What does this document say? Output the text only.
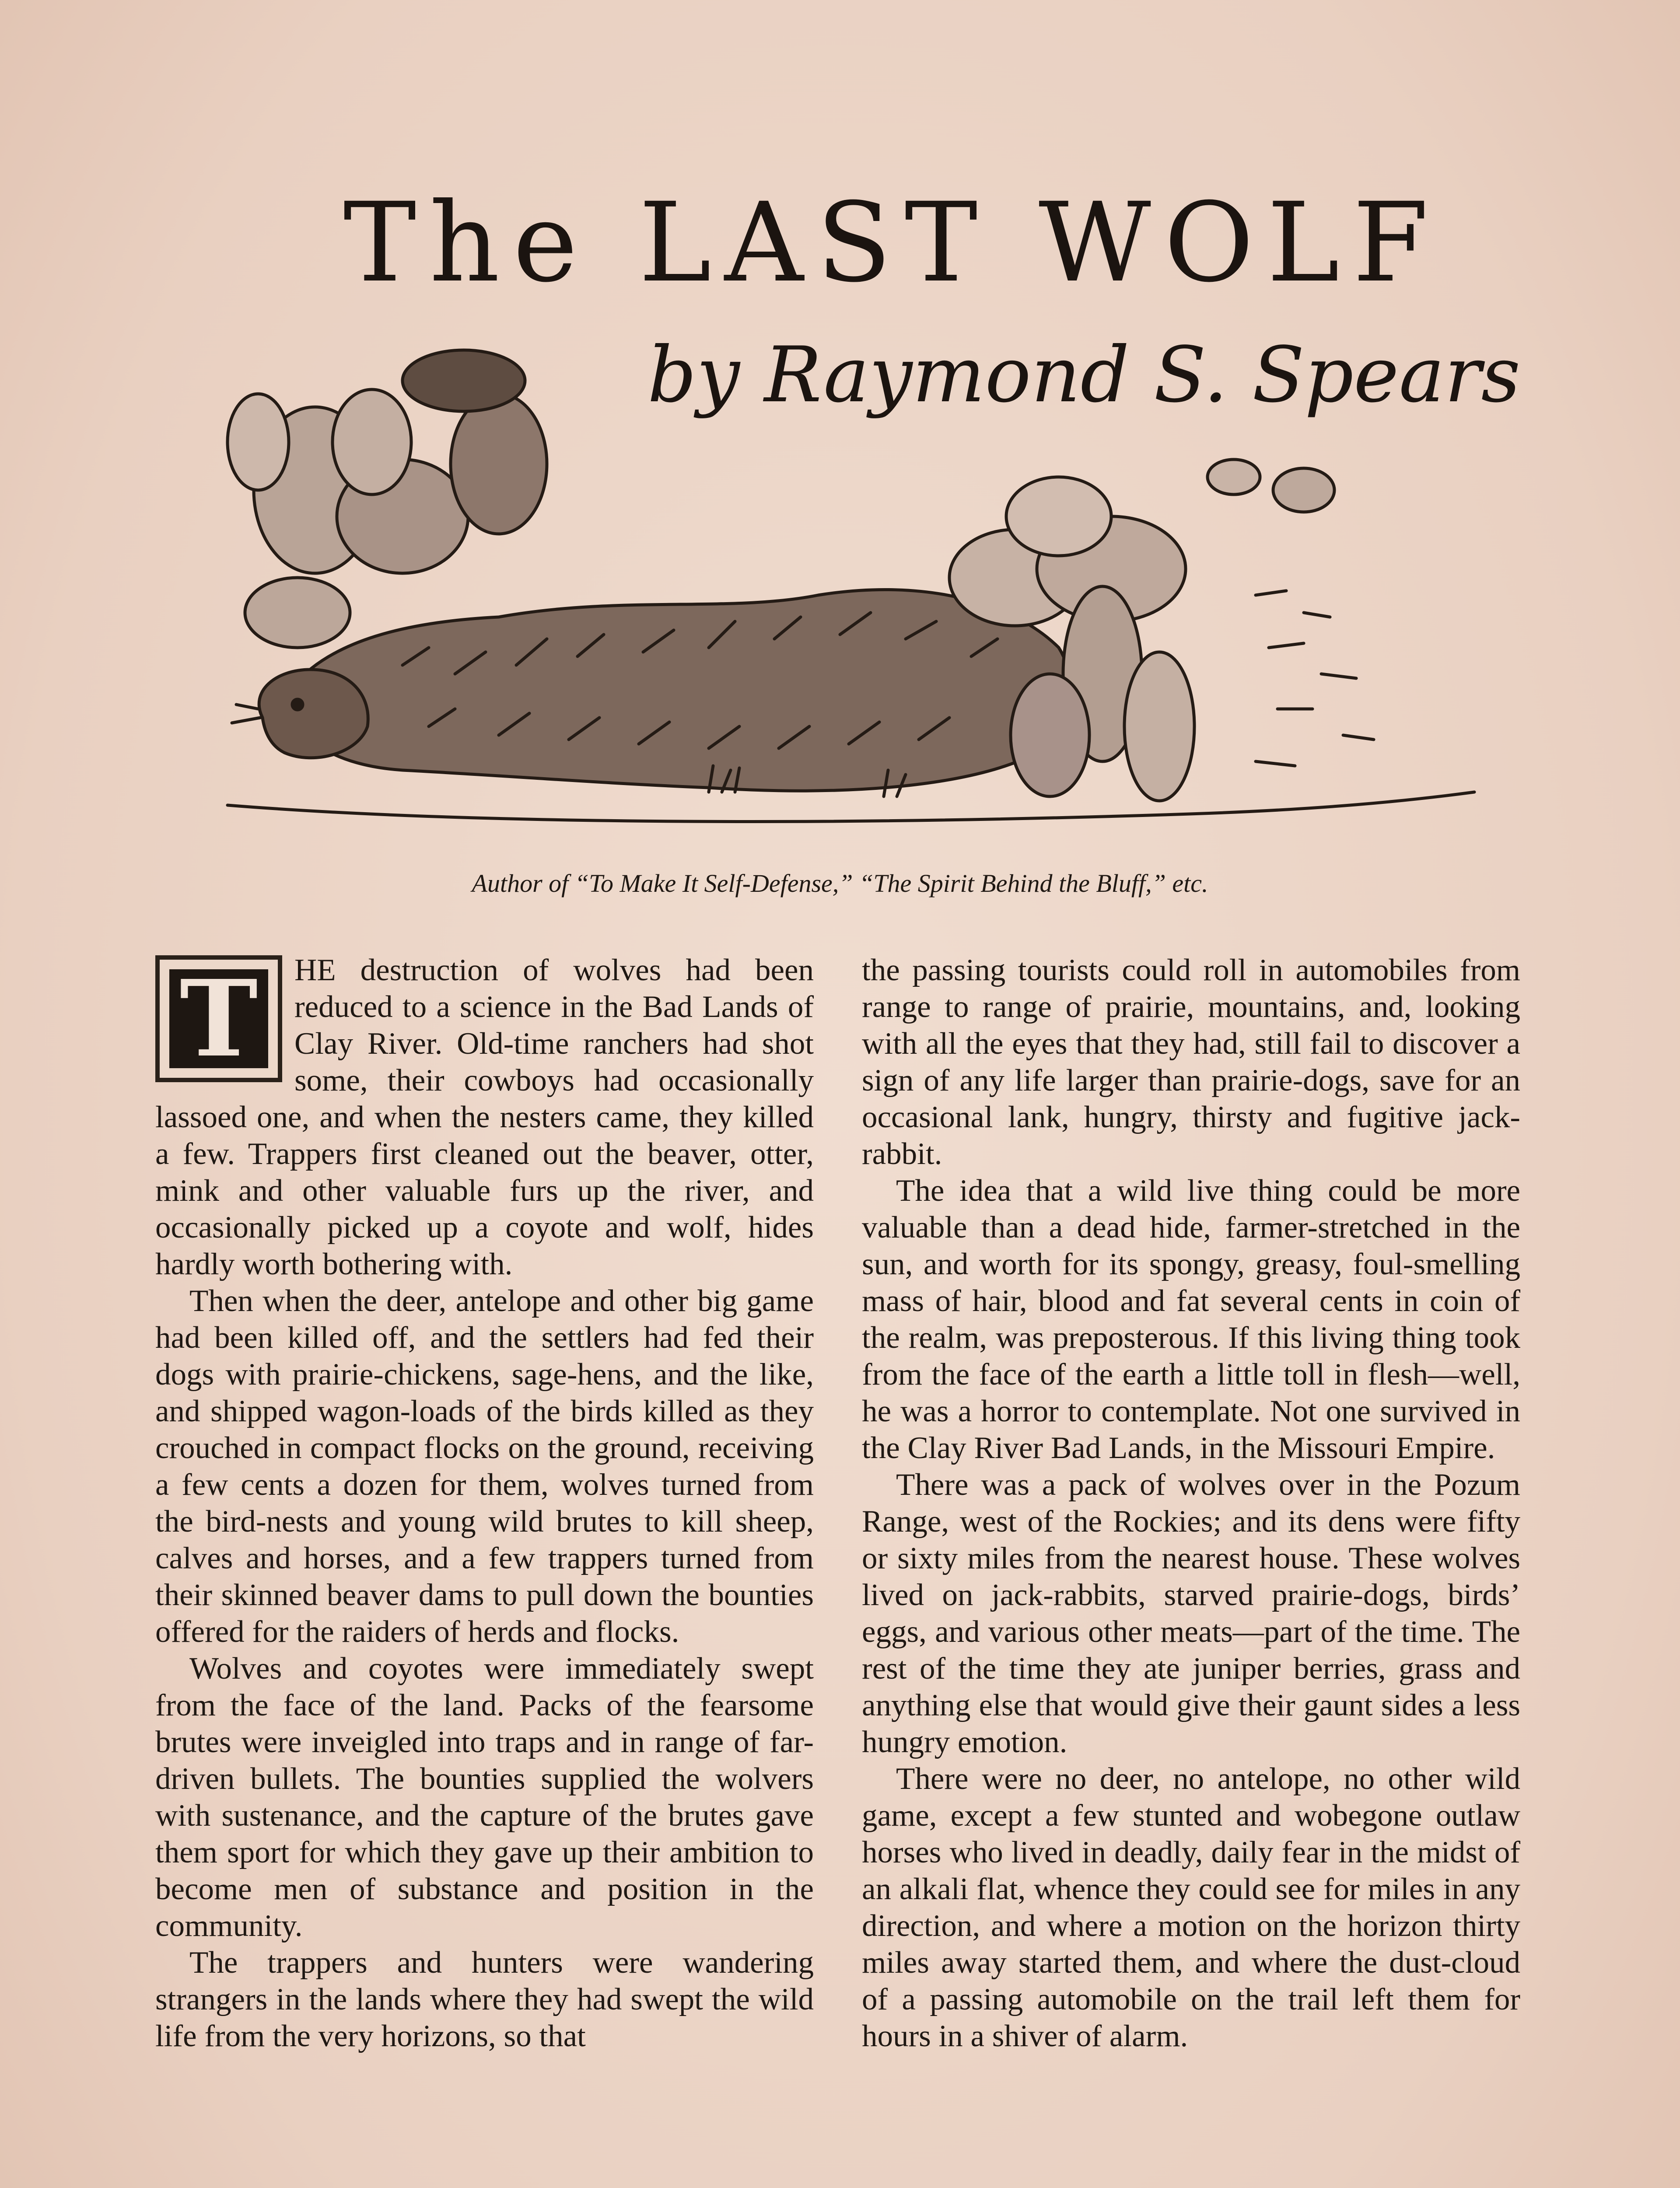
The LAST WOLF
by Raymond S. Spears
Author of “To Make It Self-Defense,” “The Spirit Behind the Bluff,” etc.
T	HE destruction of wolves had been reduced to a science in the Bad Lands of Clay River. Old-time ranchers had shot some, their cowboys had occasionally lassoed one, and when the nesters came, they killed a few. Trappers first cleaned out the beaver, otter, mink and other valuable furs up the river, and occasionally picked up a coyote and wolf, hides hardly worth bothering with.

Then when the deer, antelope and other big game had been killed off, and the settlers had fed their dogs with prairie-chickens, sage-hens, and the like, and shipped wagon-loads of the birds killed as they crouched in compact flocks on the ground, receiving a few cents a dozen for them, wolves turned from the bird-nests and young wild brutes to kill sheep, calves and horses, and a few trappers turned from their skinned beaver dams to pull down the bounties offered for the raiders of herds and flocks.

Wolves and coyotes were immediately swept from the face of the land. Packs of the fearsome brutes were inveigled into traps and in range of far-driven bullets. The bounties supplied the wolvers with sustenance, and the capture of the brutes gave them sport for which they gave up their ambition to become men of substance and position in the community.

The trappers and hunters were wandering strangers in the lands where they had swept the wild life from the very horizons, so that

the passing tourists could roll in automobiles from range to range of prairie, mountains, and, looking with all the eyes that they had, still fail to discover a sign of any life larger than prairie-dogs, save for an occasional lank, hungry, thirsty and fugitive jack-rabbit.

The idea that a wild live thing could be more valuable than a dead hide, farmer-stretched in the sun, and worth for its spongy, greasy, foul-smelling mass of hair, blood and fat several cents in coin of the realm, was preposterous. If this living thing took from the face of the earth a little toll in flesh—well, he was a horror to contemplate. Not one survived in the Clay River Bad Lands, in the Missouri Empire.

There was a pack of wolves over in the Pozum Range, west of the Rockies; and its dens were fifty or sixty miles from the nearest house. These wolves lived on jack-rabbits, starved prairie-dogs, birds’ eggs, and various other meats—part of the time. The rest of the time they ate juniper berries, grass and anything else that would give their gaunt sides a less hungry emotion.

There were no deer, no antelope, no other wild game, except a few stunted and wobegone outlaw horses who lived in deadly, daily fear in the midst of an alkali flat, whence they could see for miles in any direction, and where a motion on the horizon thirty miles away started them, and where the dust-cloud of a passing automobile on the trail left them for hours in a shiver of alarm.
